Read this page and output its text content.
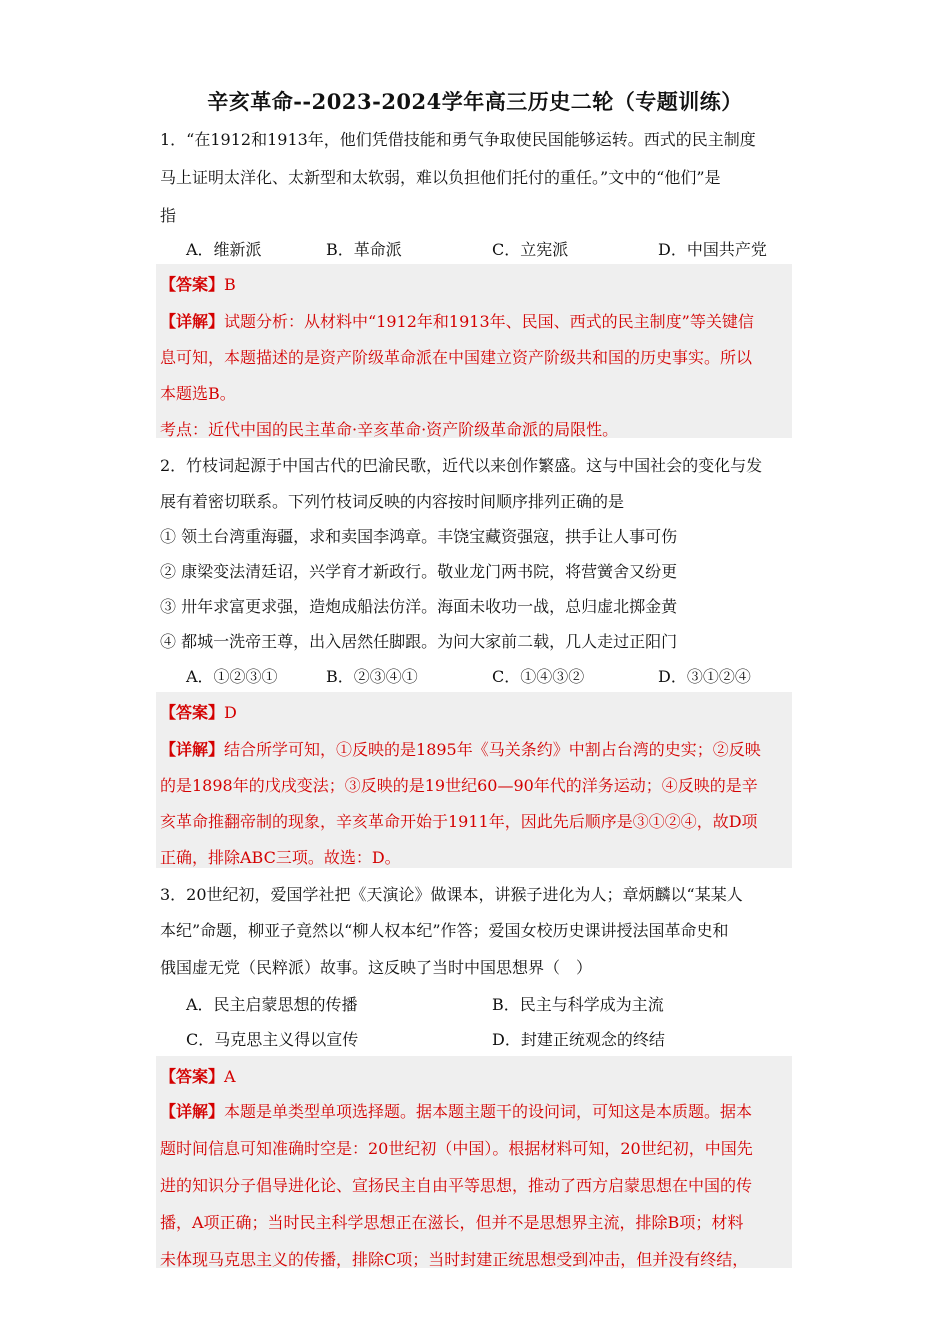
辛亥革命--2023-2024学年高三历史二轮（专题训练）
1．“在1912和1913年，他们凭借技能和勇气争取使民国能够运转。西式的民主制度
马上证明太洋化、太新型和太软弱，难以负担他们托付的重任。”文中的“他们”是
指
A．维新派	B．革命派	C．立宪派	D．中国共产党
【答案】B
【详解】试题分析：从材料中“1912年和1913年、民国、西式的民主制度”等关键信
息可知，本题描述的是资产阶级革命派在中国建立资产阶级共和国的历史事实。所以
本题选B。
考点：近代中国的民主革命·辛亥革命·资产阶级革命派的局限性。
2．竹枝词起源于中国古代的巴渝民歌，近代以来创作繁盛。这与中国社会的变化与发
展有着密切联系。下列竹枝词反映的内容按时间顺序排列正确的是
① 领土台湾重海疆，求和卖国李鸿章。丰饶宝藏资强寇，拱手让人事可伤
② 康梁变法清廷诏，兴学育才新政行。敬业龙门两书院，将营黉舍又纷更
③ 卅年求富更求强，造炮成船法仿洋。海面未收功一战，总归虚北掷金黄
④ 都城一洗帝王尊，出入居然任脚跟。为问大家前二载，几人走过正阳门
A．①②③①	B．②③④①	C．①④③②	D．③①②④
【答案】D
【详解】结合所学可知，①反映的是1895年《马关条约》中割占台湾的史实；②反映
的是1898年的戊戌变法；③反映的是19世纪60—90年代的洋务运动；④反映的是辛
亥革命推翻帝制的现象，辛亥革命开始于1911年，因此先后顺序是③①②④，故D项
正确，排除ABC三项。故选：D。
3．20世纪初，爱国学社把《天演论》做课本，讲猴子进化为人；章炳麟以“某某人
本纪”命题，柳亚子竟然以“柳人权本纪”作答；爱国女校历史课讲授法国革命史和
俄国虚无党（民粹派）故事。这反映了当时中国思想界（　）
A．民主启蒙思想的传播	B．民主与科学成为主流
C．马克思主义得以宣传	D．封建正统观念的终结
【答案】A
【详解】本题是单类型单项选择题。据本题主题干的设问词，可知这是本质题。据本
题时间信息可知准确时空是：20世纪初（中国）。根据材料可知，20世纪初，中国先
进的知识分子倡导进化论、宣扬民主自由平等思想，推动了西方启蒙思想在中国的传
播，A项正确；当时民主科学思想正在滋长，但并不是思想界主流，排除B项；材料
未体现马克思主义的传播，排除C项；当时封建正统思想受到冲击，但并没有终结，
